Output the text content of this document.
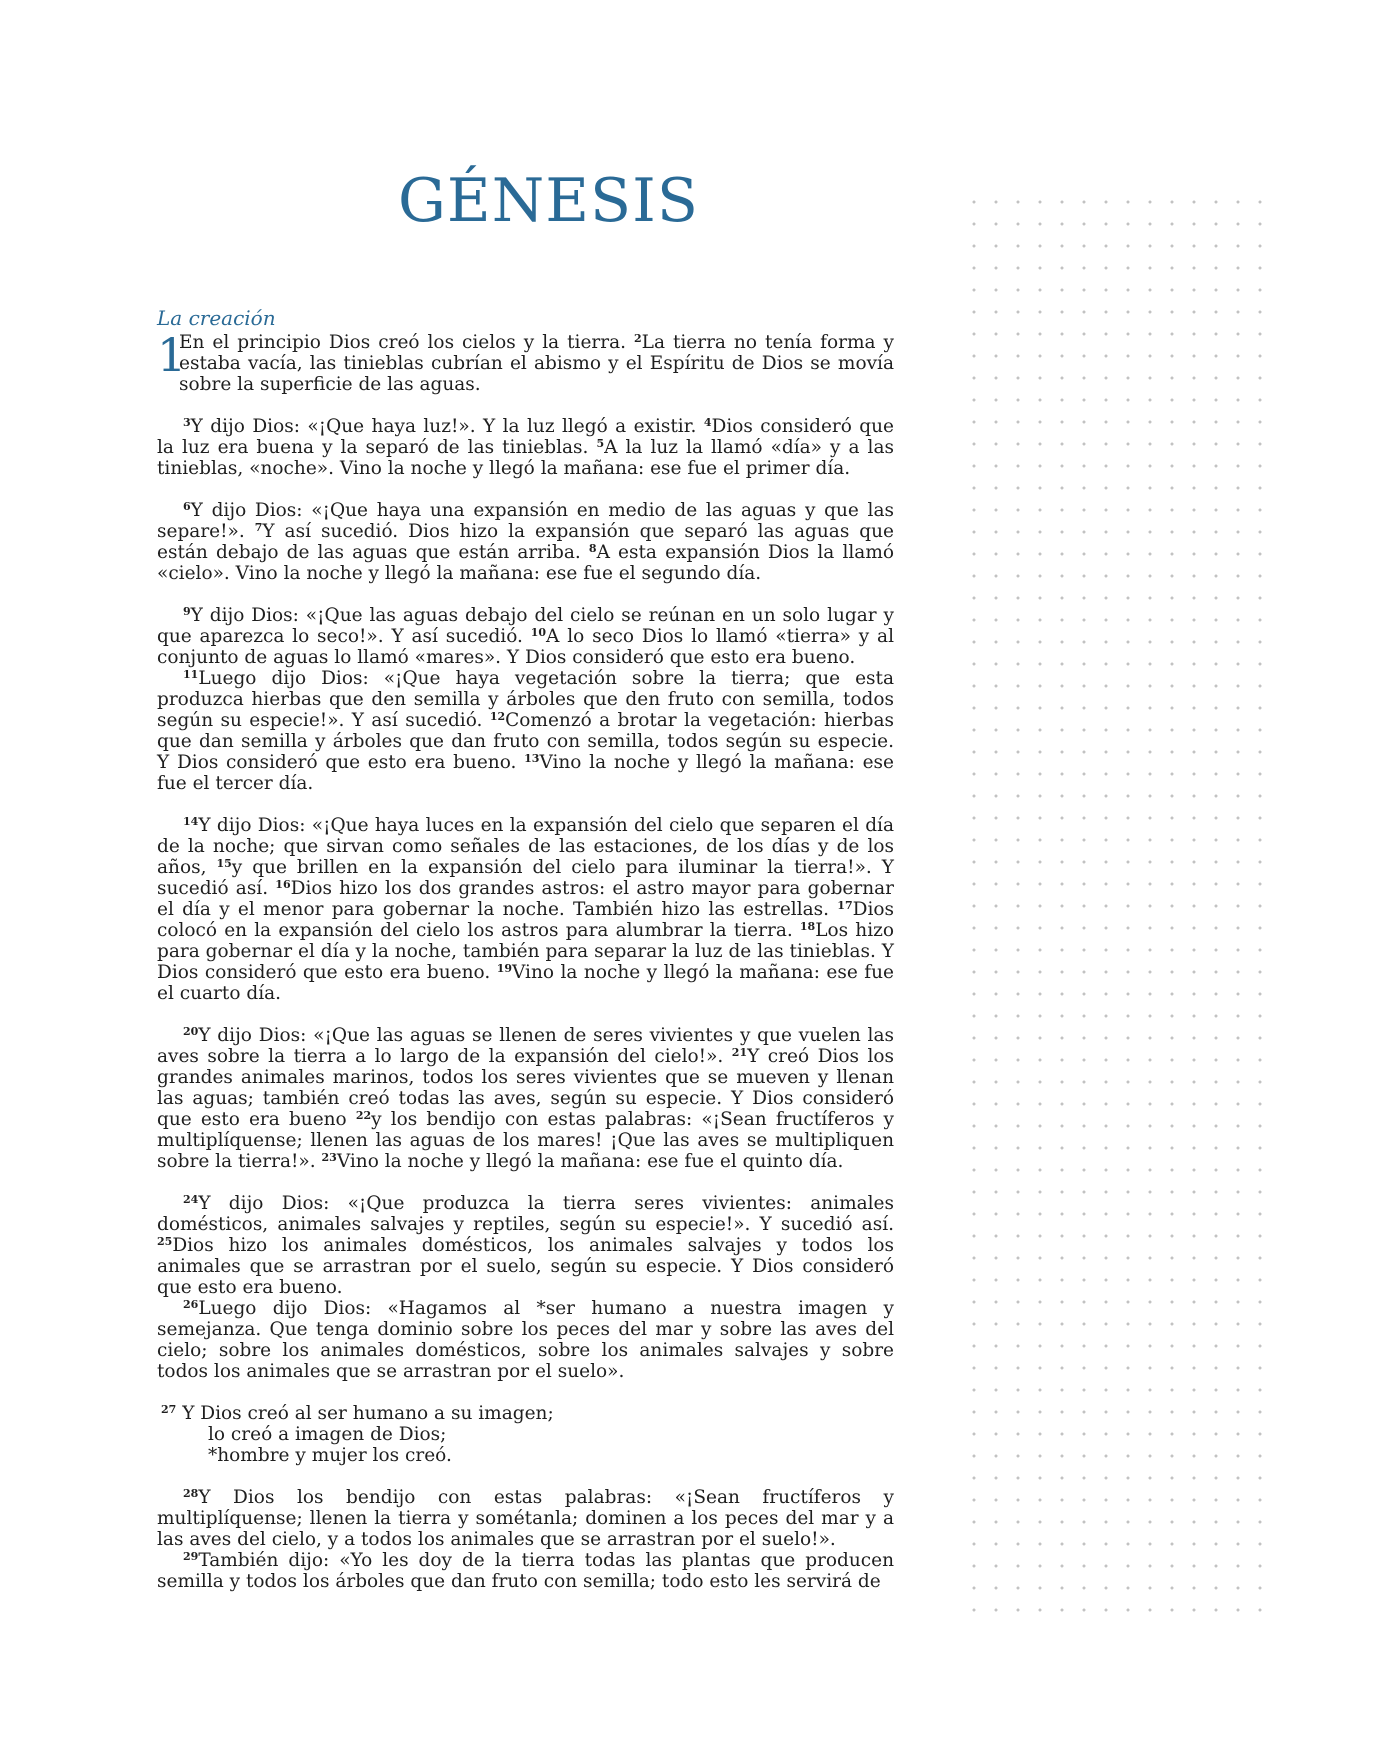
GÉNESIS
La creación
1
En el principio Dios creó los cielos y la tierra. $^2$La tierra no tenía forma y estaba vacía, las tinieblas cubrían el abismo y el Espíritu de Dios se movía sobre la superficie de las aguas.

$^3$Y dijo Dios: «¡Que haya luz!». Y la luz llegó a existir. $^4$Dios consideró que la luz era buena y la separó de las tinieblas. $^5$A la luz la llamó «día» y a las tinieblas, «noche». Vino la noche y llegó la mañana: ese fue el primer día.

$^6$Y dijo Dios: «¡Que haya una expansión en medio de las aguas y que las separe!». $^7$Y así sucedió. Dios hizo la expansión que separó las aguas que están debajo de las aguas que están arriba. $^8$A esta expansión Dios la llamó «cielo». Vino la noche y llegó la mañana: ese fue el segundo día.

$^9$Y dijo Dios: «¡Que las aguas debajo del cielo se reúnan en un solo lugar y que aparezca lo seco!». Y así sucedió. $^{10}$A lo seco Dios lo llamó «tierra» y al conjunto de aguas lo llamó «mares». Y Dios consideró que esto era bueno.

$^{11}$Luego dijo Dios: «¡Que haya vegetación sobre la tierra; que esta produzca hierbas que den semilla y árboles que den fruto con semilla, todos según su especie!». Y así sucedió. $^{12}$Comenzó a brotar la vegetación: hierbas que dan semilla y árboles que dan fruto con semilla, todos según su especie. Y Dios consideró que esto era bueno. $^{13}$Vino la noche y llegó la mañana: ese fue el tercer día.

$^{14}$Y dijo Dios: «¡Que haya luces en la expansión del cielo que separen el día de la noche; que sirvan como señales de las estaciones, de los días y de los años, $^{15}$y que brillen en la expansión del cielo para iluminar la tierra!». Y sucedió así. $^{16}$Dios hizo los dos grandes astros: el astro mayor para gobernar el día y el menor para gobernar la noche. También hizo las estrellas. $^{17}$Dios colocó en la expansión del cielo los astros para alumbrar la tierra. $^{18}$Los hizo para gobernar el día y la noche, también para separar la luz de las tinieblas. Y Dios consideró que esto era bueno. $^{19}$Vino la noche y llegó la mañana: ese fue el cuarto día.

$^{20}$Y dijo Dios: «¡Que las aguas se llenen de seres vivientes y que vuelen las aves sobre la tierra a lo largo de la expansión del cielo!». $^{21}$Y creó Dios los grandes animales marinos, todos los seres vivientes que se mueven y llenan las aguas; también creó todas las aves, según su especie. Y Dios consideró que esto era bueno $^{22}$y los bendijo con estas palabras: «¡Sean fructíferos y multiplíquense; llenen las aguas de los mares! ¡Que las aves se multipliquen sobre la tierra!». $^{23}$Vino la noche y llegó la mañana: ese fue el quinto día.

$^{24}$Y dijo Dios: «¡Que produzca la tierra seres vivientes: animales domésticos, animales salvajes y reptiles, según su especie!». Y sucedió así. $^{25}$Dios hizo los animales domésticos, los animales salvajes y todos los animales que se arrastran por el suelo, según su especie. Y Dios consideró que esto era bueno.

$^{26}$Luego dijo Dios: «Hagamos al *ser humano a nuestra imagen y semejanza. Que tenga dominio sobre los peces del mar y sobre las aves del cielo; sobre los animales domésticos, sobre los animales salvajes y sobre todos los animales que se arrastran por el suelo».

$^{27}$ Y Dios creó al ser humano a su imagen;
lo creó a imagen de Dios;
*hombre y mujer los creó.

$^{28}$Y Dios los bendijo con estas palabras: «¡Sean fructíferos y multiplíquense; llenen la tierra y sométanla; dominen a los peces del mar y a las aves del cielo, y a todos los animales que se arrastran por el suelo!».

$^{29}$También dijo: «Yo les doy de la tierra todas las plantas que producen semilla y todos los árboles que dan fruto con semilla; todo esto les servirá de
